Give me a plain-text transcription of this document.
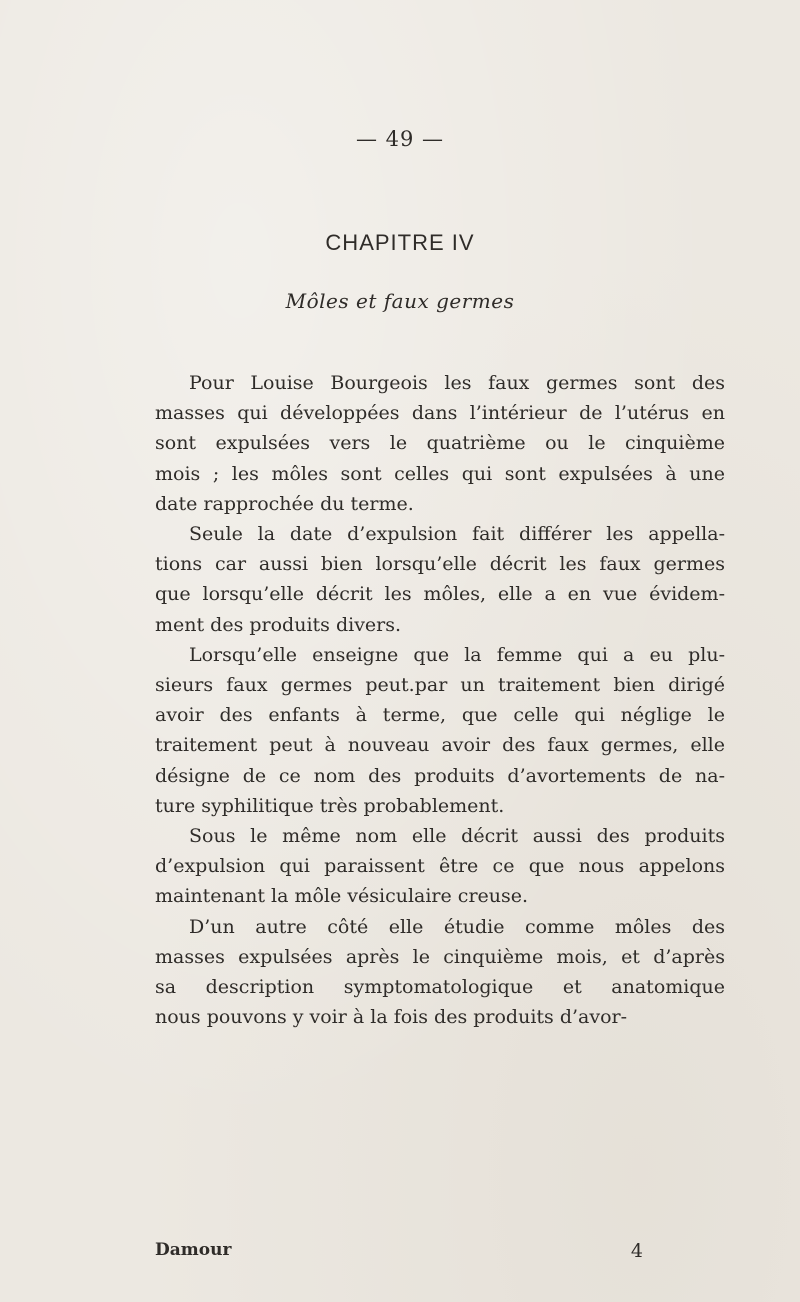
— 49 —
CHAPITRE IV
Môles et faux germes
Pour Louise Bourgeois les faux germes sont des
masses qui développées dans l’intérieur de l’utérus en
sont expulsées vers le quatrième ou le cinquième
mois ; les môles sont celles qui sont expulsées à une
date rapprochée du terme.
Seule la date d’expulsion fait différer les appella-
tions car aussi bien lorsqu’elle décrit les faux germes
que lorsqu’elle décrit les môles, elle a en vue évidem-
ment des produits divers.
Lorsqu’elle enseigne que la femme qui a eu plu-
sieurs faux germes peut.par un traitement bien dirigé
avoir des enfants à terme, que celle qui néglige le
traitement peut à nouveau avoir des faux germes, elle
désigne de ce nom des produits d’avortements de na-
ture syphilitique très probablement.
Sous le même nom elle décrit aussi des produits
d’expulsion qui paraissent être ce que nous appelons
maintenant la môle vésiculaire creuse.
D’un autre côté elle étudie comme môles des
masses expulsées après le cinquième mois, et d’après
sa description symptomatologique et anatomique
nous pouvons y voir à la fois des produits d’avor-
Damour	4
